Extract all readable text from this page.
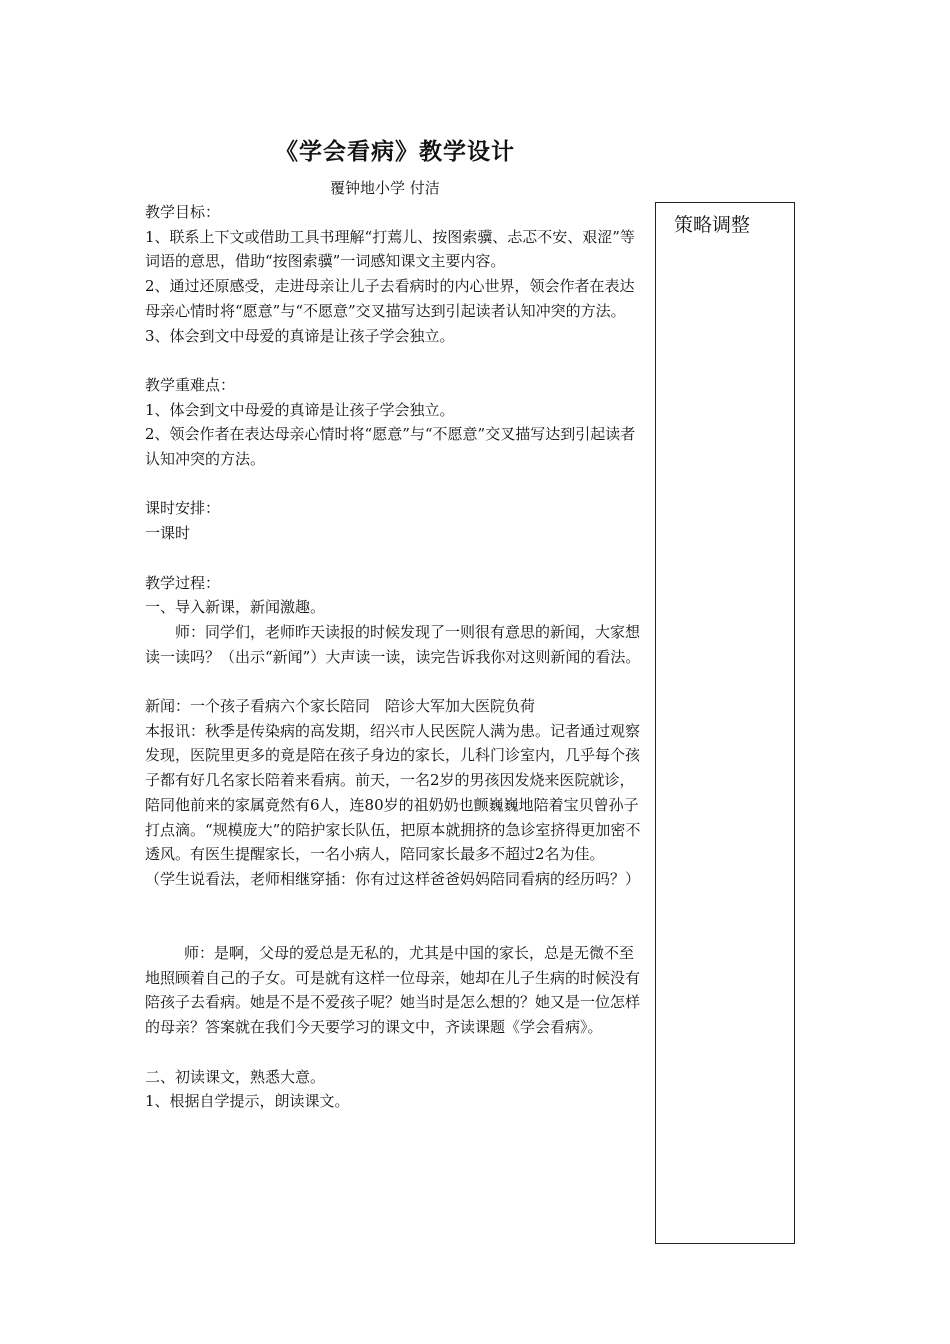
《学会看病》教学设计
覆钟地小学 付洁

教学目标：

1、联系上下文或借助工具书理解“打蔫儿、按图索骥、忐忑不安、艰涩”等词语的意思，借助“按图索骥”一词感知课文主要内容。

2、通过还原感受，走进母亲让儿子去看病时的内心世界，领会作者在表达母亲心情时将“愿意”与“不愿意”交叉描写达到引起读者认知冲突的方法。

3、体会到文中母爱的真谛是让孩子学会独立。

教学重难点：

1、体会到文中母爱的真谛是让孩子学会独立。

2、领会作者在表达母亲心情时将“愿意”与“不愿意”交叉描写达到引起读者认知冲突的方法。

课时安排：

一课时

教学过程：

一、导入新课，新闻激趣。

师：同学们，老师昨天读报的时候发现了一则很有意思的新闻，大家想读一读吗？（出示“新闻”）大声读一读，读完告诉我你对这则新闻的看法。

新闻：一个孩子看病六个家长陪同　陪诊大军加大医院负荷

本报讯：秋季是传染病的高发期，绍兴市人民医院人满为患。记者通过观察发现，医院里更多的竟是陪在孩子身边的家长，儿科门诊室内，几乎每个孩子都有好几名家长陪着来看病。前天，一名2岁的男孩因发烧来医院就诊，陪同他前来的家属竟然有6人，连80岁的祖奶奶也颤巍巍地陪着宝贝曾孙子打点滴。“规模庞大”的陪护家长队伍，把原本就拥挤的急诊室挤得更加密不透风。有医生提醒家长，一名小病人，陪同家长最多不超过2名为佳。

（学生说看法，老师相继穿插：你有过这样爸爸妈妈陪同看病的经历吗？）

师：是啊，父母的爱总是无私的，尤其是中国的家长，总是无微不至地照顾着自己的子女。可是就有这样一位母亲，她却在儿子生病的时候没有陪孩子去看病。她是不是不爱孩子呢？她当时是怎么想的？她又是一位怎样的母亲？答案就在我们今天要学习的课文中，齐读课题《学会看病》。

二、初读课文，熟悉大意。

1、根据自学提示，朗读课文。

策略调整
